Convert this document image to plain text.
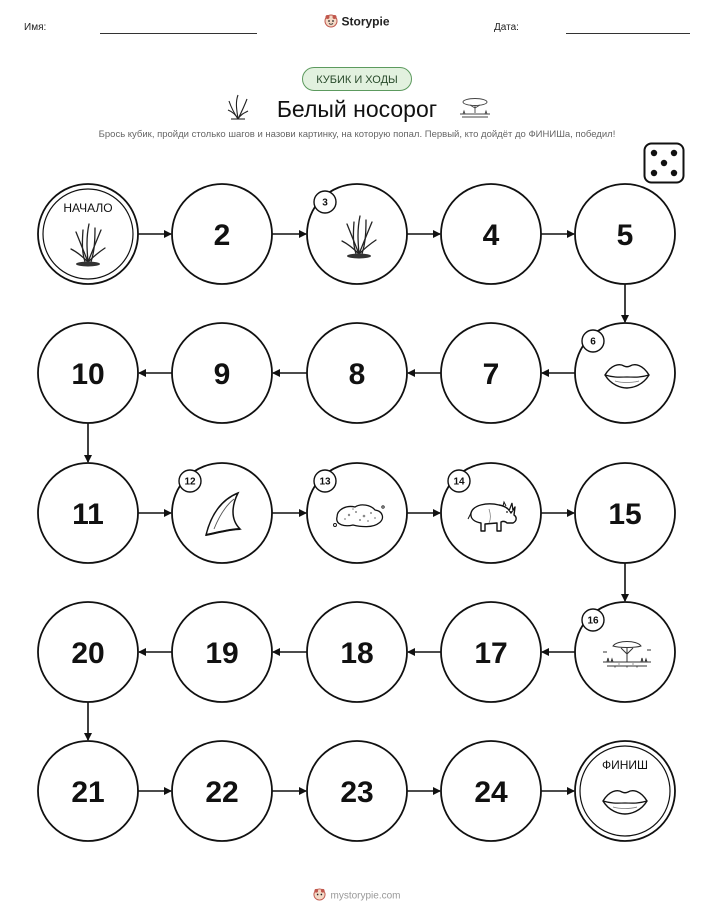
Имя:	Storypie	Дата:
КУБИК И ХОДЫ
Белый носорог
Брось кубик, пройди столько шагов и назови картинку, на которую попал. Первый, кто дойдёт до ФИНИШа, победил!
НАЧАЛО
2
3
4	5
6
7
8
9
10
11
12	13	14
15
16
17
18
19
20
21	22	23	24
ФИНИШ
mystorypie.com
